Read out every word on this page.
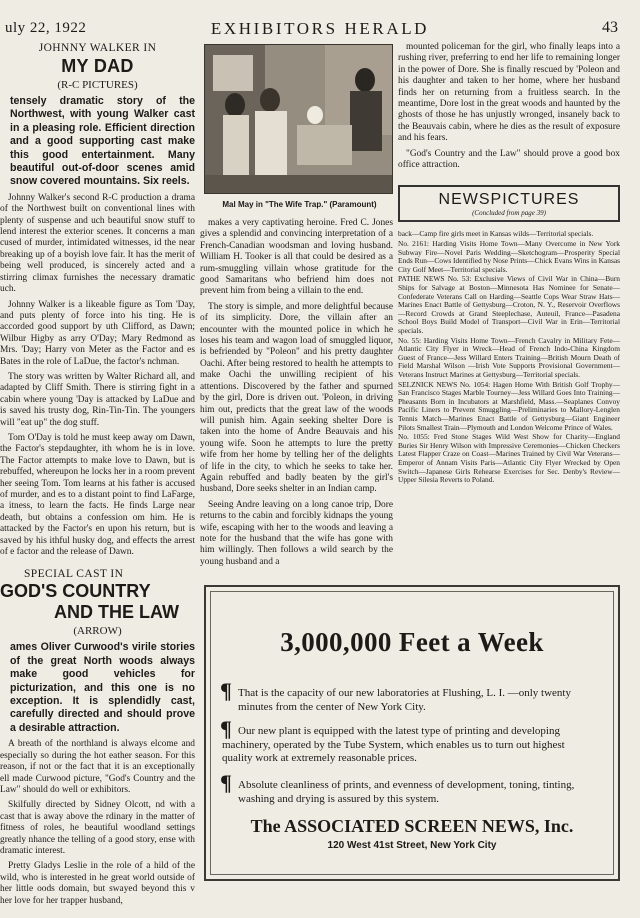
uly 22, 1922	EXHIBITORS HERALD	43
JOHNNY WALKER IN
MY DAD
(R-C PICTURES)
tensely dramatic story of the Northwest, with young Walker cast in a pleasing role. Efficient direction and a good supporting cast make this good entertainment. Many beautiful out-of-door scenes amid snow covered mountains. Six reels.

Johnny Walker's second R-C production a drama of the Northwest built on conventional lines with plenty of suspense and uch beautiful snow stuff to lend interest the exterior scenes. It concerns a man cused of murder, intimidated witnesses, id the near breaking up of a boyish love fair. It has the merit of being well produced, is sincerely acted and a stirring climax furnishes the necessary dramatic uch.

Johnny Walker is a likeable figure as Tom 'Day, and puts plenty of force into his ting. He is accorded good support by uth Clifford, as Dawn; Wilbur Higby as arry O'Day; Mary Redmond as Mrs. 'Day; Harry von Meter as the Factor and es Bates in the role of LaDue, the factor's nchman.

The story was written by Walter Richard all, and adapted by Cliff Smith. There is stirring fight in a cabin where young 'Day is attacked by LaDue and is saved his trusty dog, Rin-Tin-Tin. The youngers will "eat up" the dog stuff.

Tom O'Day is told he must keep away om Dawn, the Factor's stepdaughter, ith whom he is in love. The Factor attempts to make love to Dawn, but is rebuffed, whereupon he locks her in a room prevent her seeing Tom. Tom learns at his father is accused of murder, and es to a distant point to find LaFarge, a itness, to learn the facts. He finds Large near death, but obtains a confession om him. He is attacked by the Factor's en upon his return, but is saved by his ithful husky dog, and effects the arrest of e factor and the release of Dawn.

SPECIAL CAST IN
GOD'S COUNTRY
AND THE LAW
(ARROW)
ames Oliver Curwood's virile stories of the great North woods always make good vehicles for picturization, and this one is no exception. It is splendidly cast, carefully directed and should prove a desirable attraction.

A breath of the northland is always elcome and especially so during the hot eather season. For this reason, if not or the fact that it is an exceptionally ell made Curwood picture, "God's Country and the Law" should do well or exhibitors.

Skilfully directed by Sidney Olcott, nd with a cast that is away above the rdinary in the matter of fitness of roles, he beautiful woodland settings greatly nhance the telling of a good story, ense with dramatic interest.

Pretty Gladys Leslie in the role of a hild of the wild, who is interested in he great world outside of her little oods domain, but swayed beyond this v her love for her trapper husband,

Mal May in "The Wife Trap." (Paramount)

makes a very captivating heroine. Fred C. Jones gives a splendid and convincing interpretation of a French-Canadian woodsman and loving husband. William H. Tooker is all that could be desired as a rum-smuggling villain whose gratitude for the good Samaritans who befriend him does not prevent him from being a villain to the end.

The story is simple, and more delightful because of its simplicity. Dore, the villain after an encounter with the mounted police in which he loses his team and wagon load of smuggled liquor, is befriended by "Poleon" and his pretty daughter Oachi. After being restored to health he attempts to make Oachi the unwilling recipient of his attentions. Discovered by the father and spurned by the girl, Dore is driven out. 'Poleon, in driving him out, predicts that the great law of the woods will punish him. Again seeking shelter Dore is taken into the home of Andre Beauvais and his young wife. Soon he attempts to lure the pretty wife from her home by telling her of the delights of life in the city, to which he seeks to take her. Again rebuffed and badly beaten by the girl's husband, Dore seeks shelter in an Indian camp.

Seeing Andre leaving on a long canoe trip, Dore returns to the cabin and forcibly kidnaps the young wife, escaping with her to the woods and leaving a note for the husband that the wife has gone with him willingly. Then follows a wild search by the young husband and a

mounted policeman for the girl, who finally leaps into a rushing river, preferring to end her life to remaining longer in the power of Dore. She is finally rescued by 'Poleon and his daughter and taken to her home, where her husband finds her on returning from a fruitless search. In the meantime, Dore lost in the great woods and haunted by the ghosts of those he has unjustly wronged, insanely back to the Beauvais cabin, where he dies as the result of exposure and his fears.

"God's Country and the Law" should prove a good box office attraction.

NEWSPICTURES
(Concluded from page 39)

back—Camp fire girls meet in Kansas wilds—Territorial specials.

No. 2161: Harding Visits Home Town—Many Overcome in New York Subway Fire—Novel Paris Wedding—Sketchogram—Prosperity Special Ends Run—Cows Identified by Nose Prints—Chick Evans Wins in Kansas City Golf Meet—Territorial specials.

PATHE NEWS No. 53: Exclusive Views of Civil War in China—Burn Ships for Salvage at Boston—Minnesota Has Nominee for Senate—Confederate Veterans Call on Harding—Seattle Cops Wear Straw Hats—Marines Enact Battle of Gettysburg—Croton, N. Y., Reservoir Overflows —Record Crowds at Grand Steeplechase, Auteuil, France—Pasadena School Boys Build Model of Transport—Civil War in Erin—Territorial specials.

No. 55: Harding Visits Home Town—French Cavalry in Military Fete—Atlantic City Flyer in Wreck—Head of French Indo-China Kingdom Guest of France—Jess Willard Enters Training—British Mourn Death of Field Marshal Wilson —Irish Vote Supports Provisional Government—Veterans Instruct Marines at Gettysburg—Territorial specials.

SELZNICK NEWS No. 1054: Hagen Home With British Golf Trophy—San Francisco Stages Marble Tourney—Jess Willard Goes Into Training—Pheasants Born in Incubators at Marshfield, Mass.—Seaplanes Convoy Pacific Liners to Prevent Smuggling—Preliminaries to Mallory-Lenglen Tennis Match—Marines Enact Battle of Gettysburg—Giant Engineer Pilots Smallest Train—Plymouth and London Welcome Prince of Wales.

No. 1055: Fred Stone Stages Wild West Show for Charity—England Buries Sir Henry Wilson with Impressive Ceremonies—Chicken Checkers Latest Flapper Craze on Coast—Marines Trained by Civil War Veterans—Emperor of Annam Visits Paris—Atlantic City Flyer Wrecked by Open Switch—Japanese Girls Rehearse Exercises for Sec. Denby's Review—Upper Silesia Reverts to Poland.

3,000,000 Feet a Week
¶ That is the capacity of our new laboratories at Flushing, L. I. —only twenty minutes from the center of New York City.
¶ Our new plant is equipped with the latest type of printing and developing machinery, operated by the Tube System, which enables us to turn out highest quality work at extremely reasonable prices.
¶ Absolute cleanliness of prints, and evenness of development, toning, tinting, washing and drying is assured by this system.
The ASSOCIATED SCREEN NEWS, Inc.
120 West 41st Street, New York City
